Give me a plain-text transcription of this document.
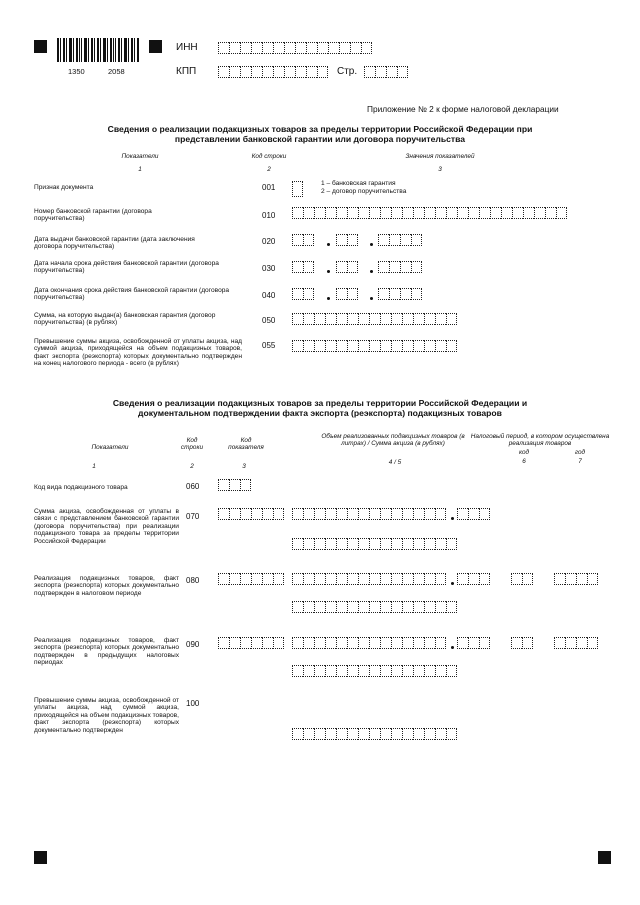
1350	2058
ИНН
КПП	Стр.
Приложение № 2 к форме налоговой декларации
Сведения о реализации подакцизных товаров за пределы территории Российской Федерации при
представлении банковской гарантии или договора поручительства
Показатели	Код строки	Значения показателей
1	2	3
Признак документа	001	1 – банковская гарантия
2 – договор поручительства
Номер банковской гарантии (договора поручительства)	010
Дата выдачи банковской гарантии (дата заключения договора поручительства)
020
Дата начала срока действия банковской гарантии (договора поручительства)	030
Дата окончания срока действия банковской гарантии (договора поручительства)	040
Сумма, на которую выдан(а) банковская гарантия (договор поручительства) (в рублях)	050
Превышение суммы акциза, освобожденной от уплаты акциза, над суммой акциза, приходящейся на объем подакцизных товаров, факт экспорта (реэкспорта) которых документально подтвержден на конец налогового периода - всего (в рублях)
055
Сведения о реализации подакцизных товаров за пределы территории Российской Федерации и
документальном подтверждении факта экспорта (реэкспорта) подакцизных товаров
Показатели
Код строки
Код показателя
Объем реализованных подакцизных товаров (в литрах) / Сумма акциза (в рублях)
Налоговый период, в котором осуществлена реализация товаров
код	год
1	2	3
4 / 5	6	7
Код вида подакцизного товара	060
Сумма акциза, освобожденная от уплаты в связи с представлением банковской гарантии (договора поручительства) при реализации подакцизного товара за пределы территории Российской Федерации
070
Реализация подакцизных товаров, факт экспорта (реэкспорта) которых документально подтвержден в налоговом периоде
080
Реализация подакцизных товаров, факт экспорта (реэкспорта) которых документально подтвержден в предыдущих налоговых периодах
090
Превышение суммы акциза, освобожденной от уплаты акциза, над суммой акциза, приходящейся на объем подакцизных товаров, факт экспорта (реэкспорта) которых документально подтвержден
100
